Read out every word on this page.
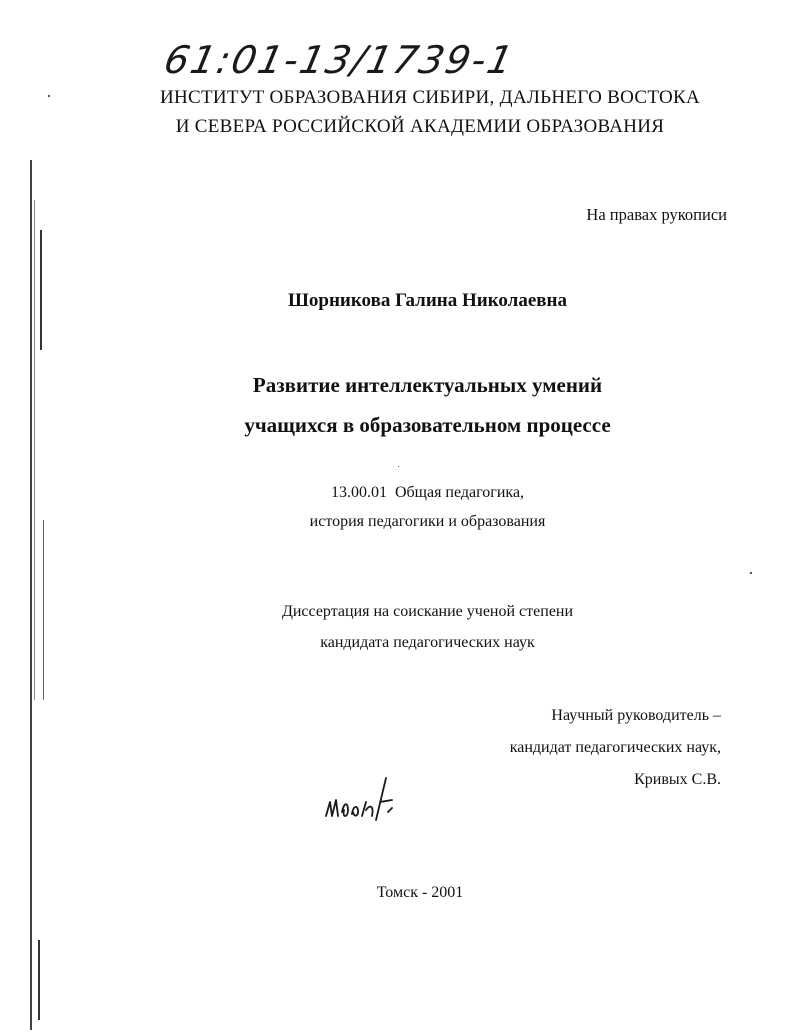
61:01-13/1739-1
ИНСТИТУТ ОБРАЗОВАНИЯ СИБИРИ, ДАЛЬНЕГО ВОСТОКА
И СЕВЕРА РОССИЙСКОЙ АКАДЕМИИ ОБРАЗОВАНИЯ
На правах рукописи
Шорникова Галина Николаевна
Развитие интеллектуальных умений
учащихся в образовательном процессе
13.00.01  Общая педагогика,
история педагогики и образования
Диссертация на соискание ученой степени
кандидата педагогических наук
Научный руководитель –
кандидат педагогических наук,
Кривых С.В.
Томск - 2001
